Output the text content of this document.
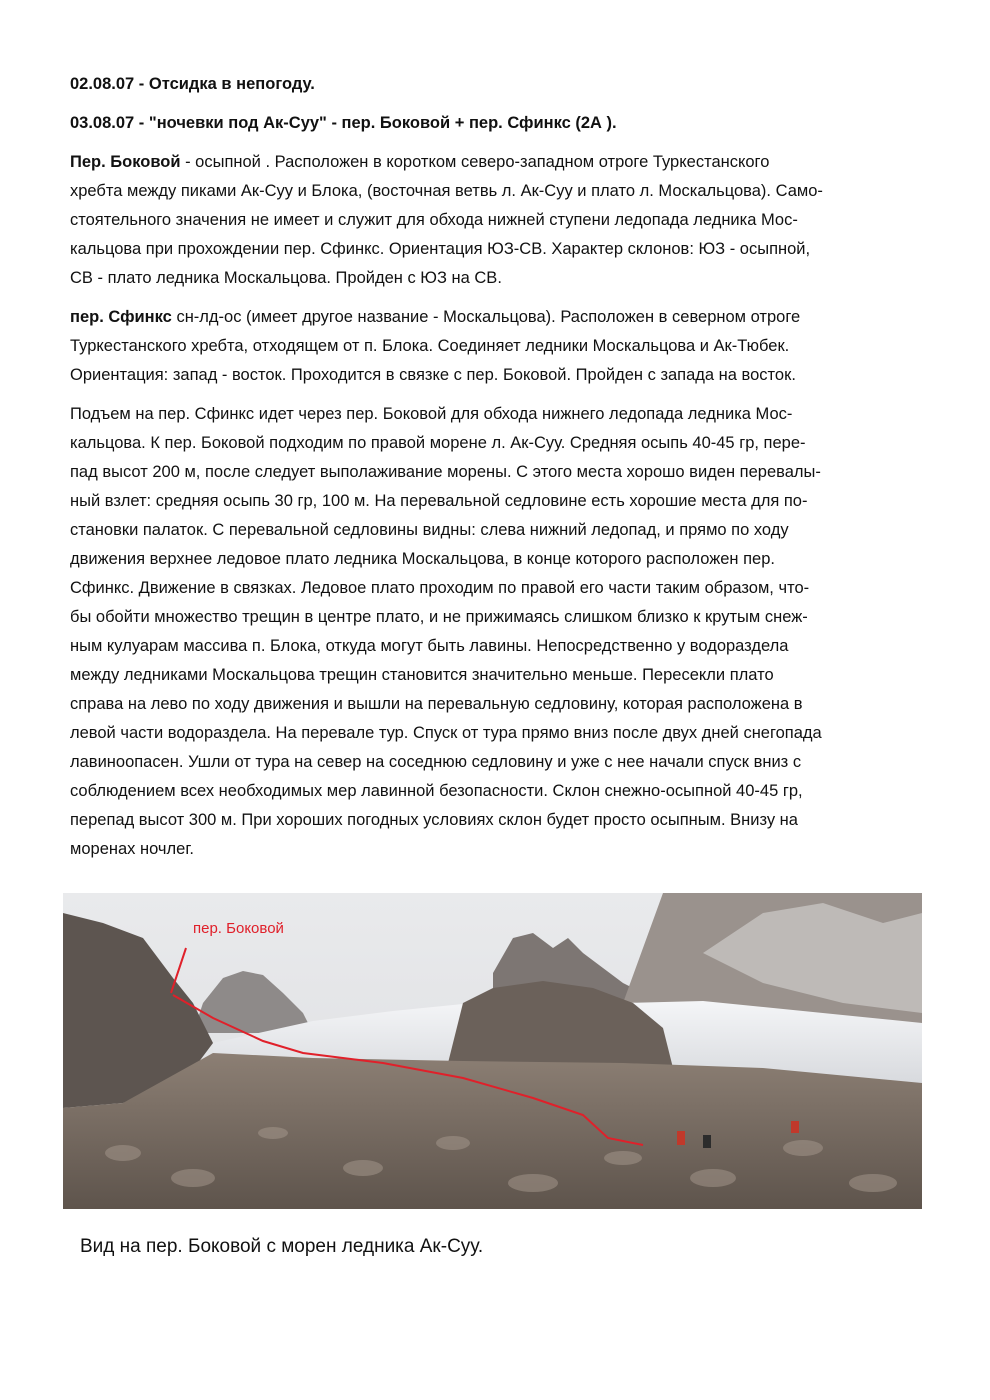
02.08.07 - Отсидка в непогоду.

03.08.07 - "ночевки под Ак-Суу" - пер. Боковой + пер. Сфинкс (2А ).

Пер. Боковой - осыпной . Расположен в коротком северо-западном отроге Туркестанского
хребта между пиками Ак-Суу и Блока, (восточная ветвь л. Ак-Суу и плато л. Москальцова). Само-
стоятельного значения не имеет и служит для обхода нижней ступени ледопада ледника Мос-
кальцова при прохождении пер. Сфинкс. Ориентация ЮЗ-СВ. Характер склонов: ЮЗ - осыпной,
СВ - плато ледника Москальцова. Пройден с ЮЗ на СВ.
пер. Сфинкс сн-лд-ос (имеет другое название - Москальцова). Расположен в северном отроге
Туркестанского хребта, отходящем от п. Блока. Соединяет ледники Москальцова и Ак-Тюбек.
Ориентация: запад - восток. Проходится в связке с пер. Боковой. Пройден с запада на восток.
Подъем на пер. Сфинкс идет через пер. Боковой для обхода нижнего ледопада ледника Мос-
кальцова. К пер. Боковой подходим по правой морене л. Ак-Суу. Средняя осыпь 40-45 гр, пере-
пад высот 200 м, после следует выполаживание морены. С этого места хорошо виден перевалы-
ный взлет: средняя осыпь 30 гр, 100 м. На перевальной седловине есть хорошие места для по-
становки палаток. С перевальной седловины видны: слева нижний ледопад, и прямо по ходу
движения верхнее ледовое плато ледника Москальцова, в конце которого расположен пер.
Сфинкс. Движение в связках. Ледовое плато проходим по правой его части таким образом, что-
бы обойти множество трещин в центре плато, и не прижимаясь слишком близко к крутым снеж-
ным кулуарам массива п. Блока, откуда могут быть лавины. Непосредственно у водораздела
между ледниками Москальцова трещин становится значительно меньше. Пересекли плато
справа на лево по ходу движения и вышли на перевальную седловину, которая расположена в
левой части водораздела. На перевале тур. Спуск от тура прямо вниз после двух дней снегопада
лавиноопасен. Ушли от тура на север на соседнюю седловину и уже с нее начали спуск вниз с
соблюдением всех необходимых мер лавинной безопасности. Склон снежно-осыпной 40-45 гр,
перепад высот 300 м. При хороших погодных условиях склон будет просто осыпным. Внизу на
моренах ночлег.
пер. Боковой
Вид на пер. Боковой с морен ледника Ак-Суу.
